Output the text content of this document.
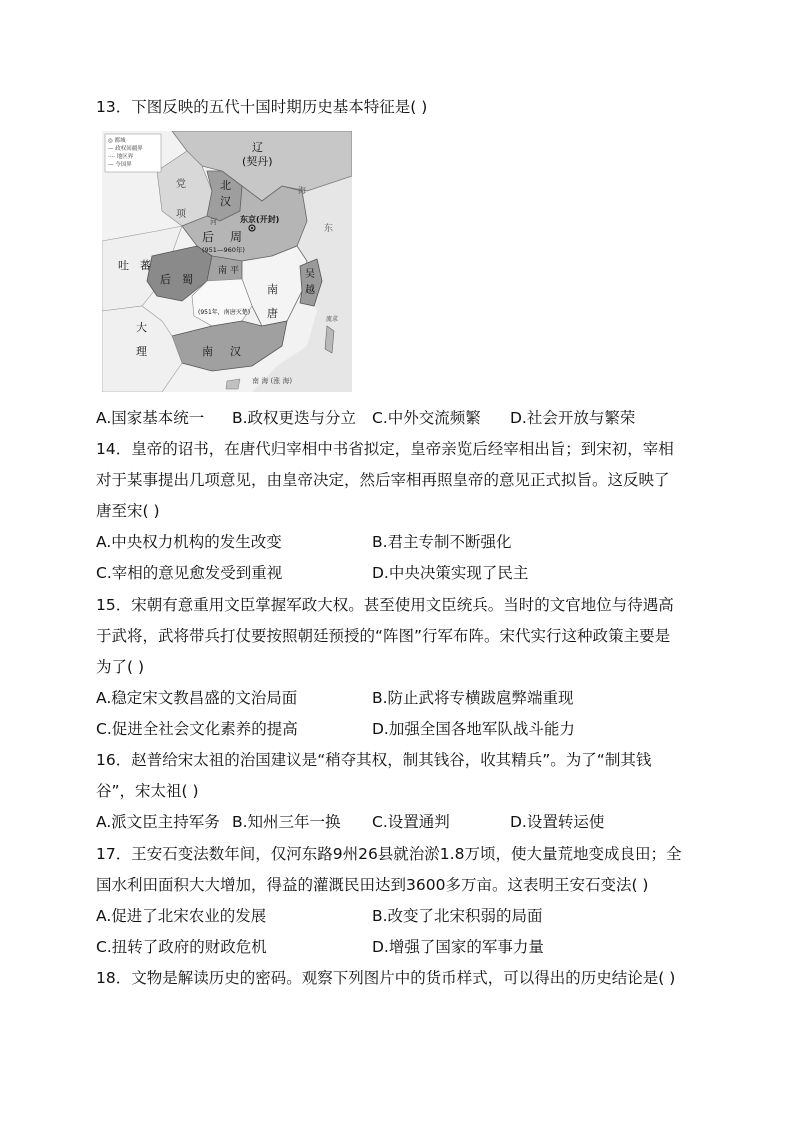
13．下图反映的五代十国时期历史基本特征是( )
◎ 都城
— 政权间疆界
···· 地区界
— 今国界
辽
(契丹)
党
项
北
汉
河	东京(开封)
后 周
(951—960年)
吐 蕃
后 蜀
南 平	吴
越
南
唐
(951年，南唐灭楚)
大
理	南 汉
南 海 (涨 海)
流 求
海
东
A.国家基本统一 B.政权更迭与分立 C.中外交流频繁 D.社会开放与繁荣
14．皇帝的诏书，在唐代归宰相中书省拟定，皇帝亲览后经宰相出旨；到宋初，宰相
对于某事提出几项意见，由皇帝决定，然后宰相再照皇帝的意见正式拟旨。这反映了
唐至宋( )
A.中央权力机构的发生改变	B.君主专制不断强化
C.宰相的意见愈发受到重视	D.中央决策实现了民主
15．宋朝有意重用文臣掌握军政大权。甚至使用文臣统兵。当时的文官地位与待遇高
于武将，武将带兵打仗要按照朝廷预授的“阵图”行军布阵。宋代实行这种政策主要是
为了( )
A.稳定宋文教昌盛的文治局面	B.防止武将专横跋扈弊端重现
C.促进全社会文化素养的提高	D.加强全国各地军队战斗能力
16．赵普给宋太祖的治国建议是“稍夺其权，制其钱谷，收其精兵”。为了“制其钱
谷”，宋太祖( )
A.派文臣主持军务 B.知州三年一换 C.设置通判	D.设置转运使
17．王安石变法数年间，仅河东路9州26县就治淤1.8万顷，使大量荒地变成良田；全
国水利田面积大大增加，得益的灌溉民田达到3600多万亩。这表明王安石变法( )
A.促进了北宋农业的发展	B.改变了北宋积弱的局面
C.扭转了政府的财政危机	D.增强了国家的军事力量
18．文物是解读历史的密码。观察下列图片中的货币样式，可以得出的历史结论是( )
